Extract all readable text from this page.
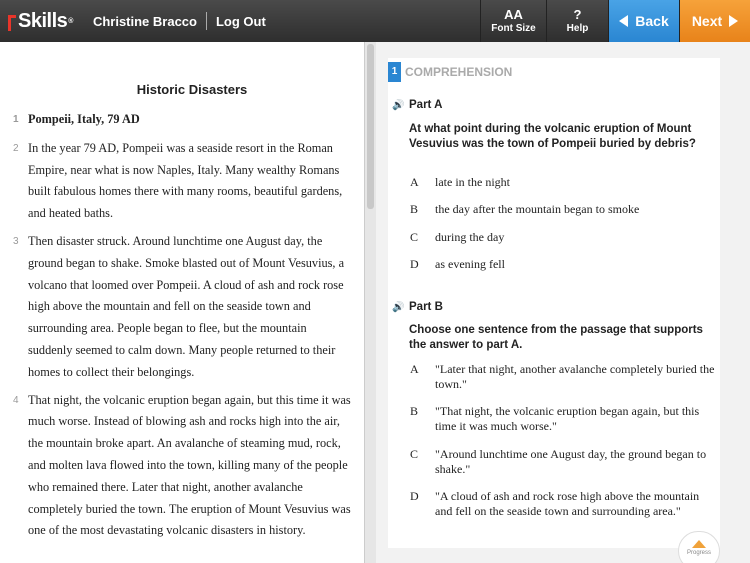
Skills ® Christine Bracco Log Out	AA
Font Size
?
Help	Back Next
Historic Disasters
1 Pompeii, Italy, 79 AD
2 In the year 79 AD, Pompeii was a seaside resort in the Roman Empire, near what is now Naples, Italy. Many wealthy Romans built fabulous homes there with many rooms, beautiful gardens, and heated baths.
3 Then disaster struck. Around lunchtime one August day, the ground began to shake. Smoke blasted out of Mount Vesuvius, a volcano that loomed over Pompeii. A cloud of ash and rock rose high above the mountain and fell on the seaside town and surrounding area. People began to flee, but the mountain suddenly seemed to calm down. Many people returned to their homes to collect their belongings.
4 That night, the volcanic eruption began again, but this time it was much worse. Instead of blowing ash and rocks high into the air, the mountain broke apart. An avalanche of steaming mud, rock, and molten lava flowed into the town, killing many of the people who remained there. Later that night, another avalanche completely buried the town. The eruption of Mount Vesuvius was one of the most devastating volcanic disasters in history.
1 COMPREHENSION
🔊 Part A
At what point during the volcanic eruption of Mount Vesuvius was the town of Pompeii buried by debris?
A	late in the night
B	the day after the mountain began to smoke
C	during the day
D	as evening fell
🔊 Part B
Choose one sentence from the passage that supports the answer to part A.
A	"Later that night, another avalanche completely buried the town."
B	"That night, the volcanic eruption began again, but this time it was much worse."
C	"Around lunchtime one August day, the ground began to shake."
D	"A cloud of ash and rock rose high above the mountain and fell on the seaside town and surrounding area."
Progress
